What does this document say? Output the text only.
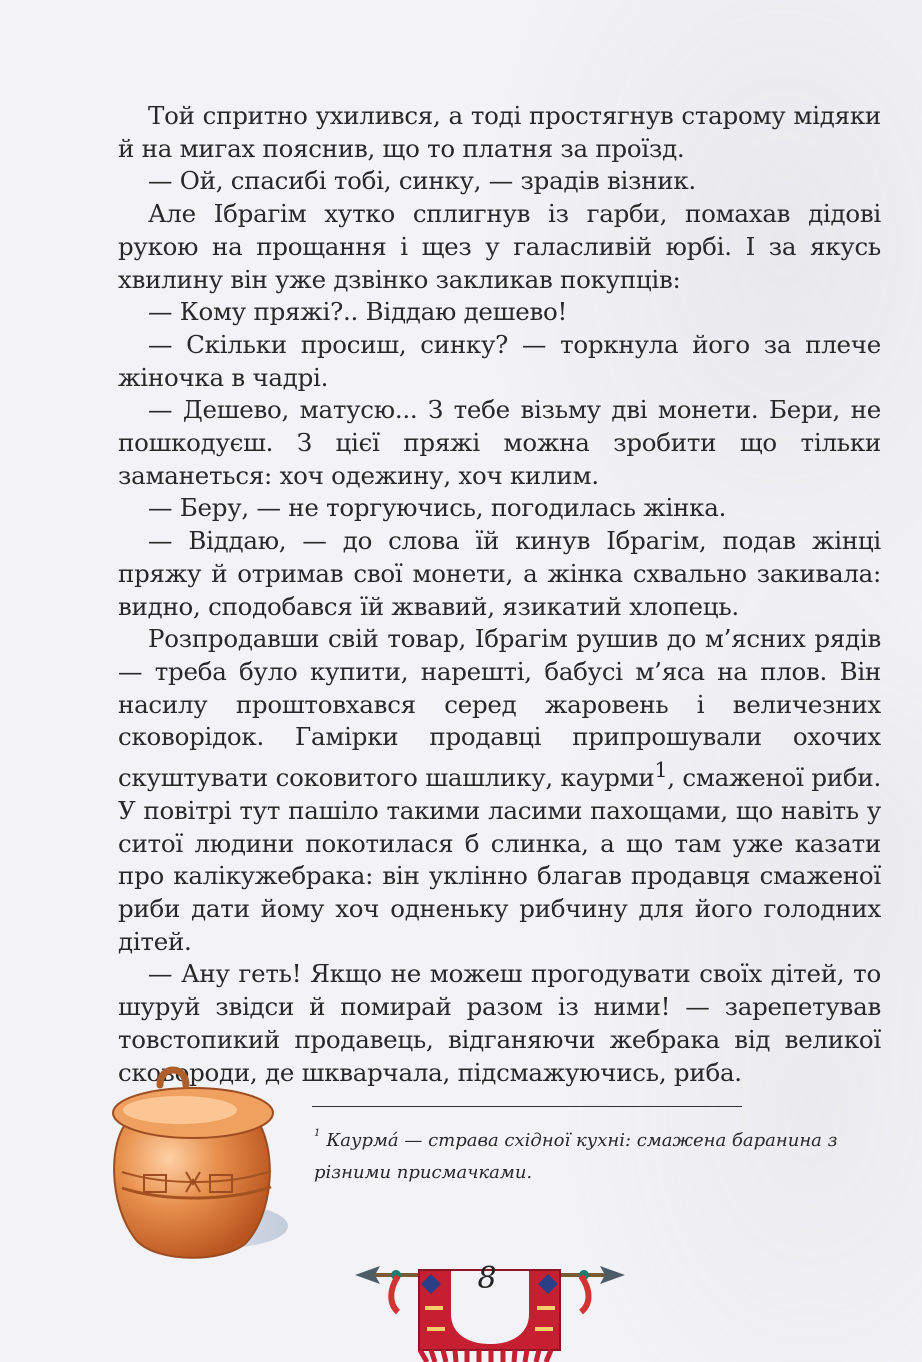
Той спритно ухилився, а тоді простягнув старому мідяки й на мигах пояснив, що то платня за проїзд.

— Ой, спасибі тобі, синку, — зрадів візник.

Але Ібрагім хутко сплигнув із гарби, помахав дідові рукою на прощання і щез у галасливій юрбі. І за якусь хвилину він уже дзвінко закликав покупців:

— Кому пряжі?.. Віддаю дешево!

— Скільки просиш, синку? — торкнула його за плече жіночка в чадрі.

— Дешево, матусю... З тебе візьму дві монети. Бери, не пошкодуєш. З цієї пряжі можна зробити що тільки заманеться: хоч одежину, хоч килим.

— Беру, — не торгуючись, погодилась жінка.

— Віддаю, — до слова їй кинув Ібрагім, подав жінці пряжу й отримав свої монети, а жінка схвально закивала: видно, сподобався їй жвавий, язикатий хлопець.

Розпродавши свій товар, Ібрагім рушив до м’ясних рядів — треба було купити, нарешті, бабусі м’яса на плов. Він насилу проштовхався серед жаровень і величезних сковорідок. Гамірки продавці припрошували охочих скуштувати соковитого шашлику, каурми$^1$, смаженої риби. У повітрі тут пашіло такими ласими пахощами, що навіть у ситої людини покотилася б слинка, а що там уже казати про калікужебрака: він уклінно благав продавця смаженої риби дати йому хоч одненьку рибчину для його голодних дітей.

— Ану геть! Якщо не можеш прогодувати своїх дітей, то шуруй звідси й помирай разом із ними! — зарепетував товстопикий продавець, відганяючи жебрака від великої сковороди, де шкварчала, підсмажуючись, риба.

$^1$ Каурмá — страва східної кухні: смажена баранина з різними присмачками.
8
